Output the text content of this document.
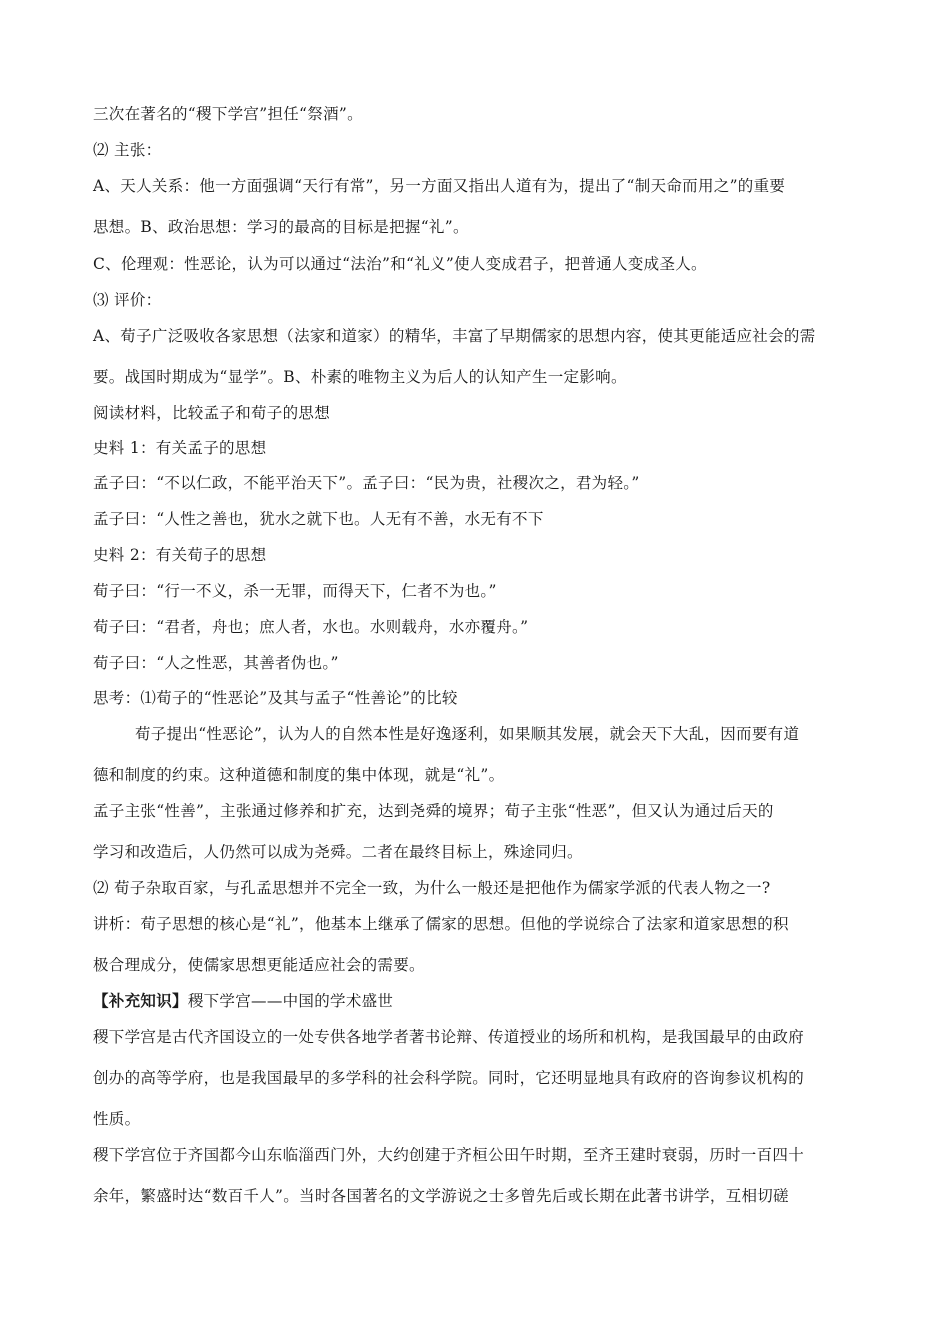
三次在著名的“稷下学宫”担任“祭酒”。
⑵ 主张：
A、天人关系：他一方面强调“天行有常”，另一方面又指出人道有为，提出了“制天命而用之”的重要
思想。B、政治思想：学习的最高的目标是把握“礼”。
C、伦理观：性恶论，认为可以通过“法治”和“礼义”使人变成君子，把普通人变成圣人。
⑶ 评价：
A、荀子广泛吸收各家思想（法家和道家）的精华，丰富了早期儒家的思想内容，使其更能适应社会的需
要。战国时期成为“显学”。B、朴素的唯物主义为后人的认知产生一定影响。
阅读材料，比较孟子和荀子的思想
史料 1：有关孟子的思想
孟子曰：“不以仁政，不能平治天下”。孟子曰：“民为贵，社稷次之，君为轻。”
孟子曰：“人性之善也，犹水之就下也。人无有不善，水无有不下
史料 2：有关荀子的思想
荀子曰：“行一不义，杀一无罪，而得天下，仁者不为也。”
荀子曰：“君者，舟也；庶人者，水也。水则载舟，水亦覆舟。”
荀子曰：“人之性恶，其善者伪也。”
思考：⑴荀子的“性恶论”及其与孟子“性善论”的比较
荀子提出“性恶论”，认为人的自然本性是好逸逐利，如果顺其发展，就会天下大乱，因而要有道
德和制度的约束。这种道德和制度的集中体现，就是“礼”。
孟子主张“性善”，主张通过修养和扩充，达到尧舜的境界；荀子主张“性恶”，但又认为通过后天的
学习和改造后，人仍然可以成为尧舜。二者在最终目标上，殊途同归。
⑵ 荀子杂取百家，与孔孟思想并不完全一致，为什么一般还是把他作为儒家学派的代表人物之一?
讲析：荀子思想的核心是“礼”，他基本上继承了儒家的思想。但他的学说综合了法家和道家思想的积
极合理成分，使儒家思想更能适应社会的需要。
【补充知识】稷下学宫——中国的学术盛世
稷下学宫是古代齐国设立的一处专供各地学者著书论辩、传道授业的场所和机构，是我国最早的由政府
创办的高等学府，也是我国最早的多学科的社会科学院。同时，它还明显地具有政府的咨询参议机构的
性质。
稷下学宫位于齐国都今山东临淄西门外，大约创建于齐桓公田午时期，至齐王建时衰弱，历时一百四十
余年，繁盛时达“数百千人”。当时各国著名的文学游说之士多曾先后或长期在此著书讲学，互相切磋
